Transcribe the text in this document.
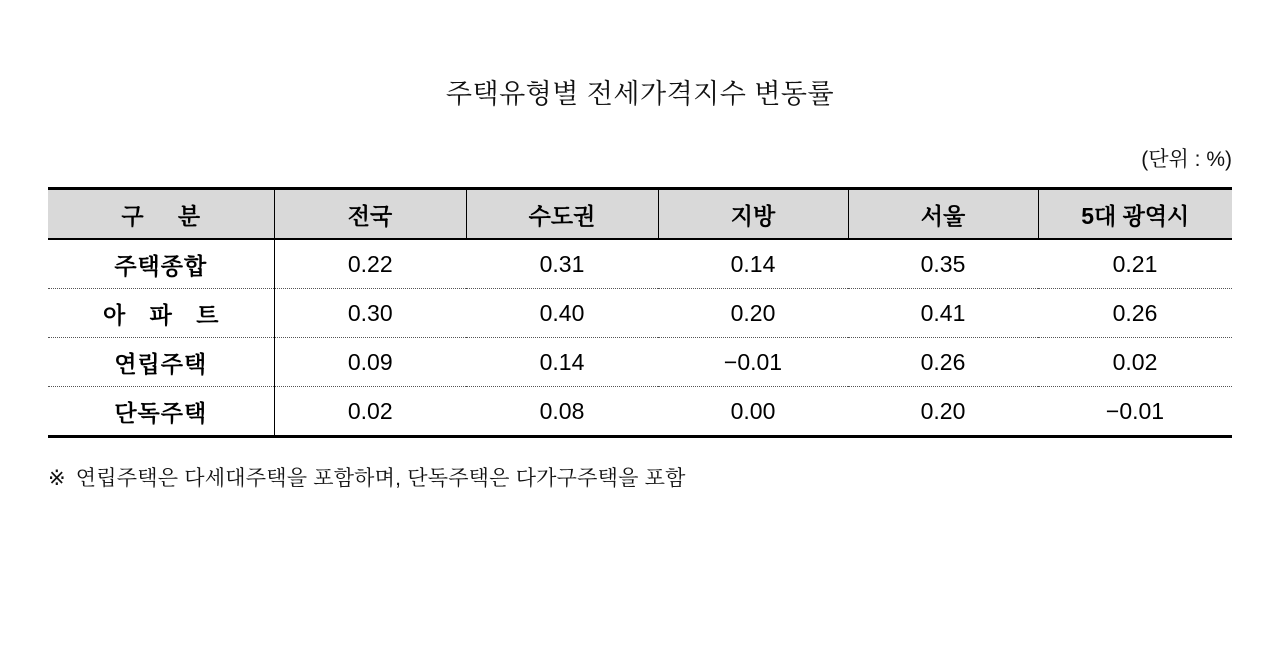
주택유형별 전세가격지수 변동률
(단위 : %)
구 분	전국	수도권	지방	서울	5대 광역시
주택종합	0.22	0.31	0.14	0.35	0.21
아 파 트	0.30	0.40	0.20	0.41	0.26
연립주택	0.09	0.14	−0.01	0.26	0.02
단독주택	0.02	0.08	0.00	0.20	−0.01
※ 연립주택은 다세대주택을 포함하며, 단독주택은 다가구주택을 포함
